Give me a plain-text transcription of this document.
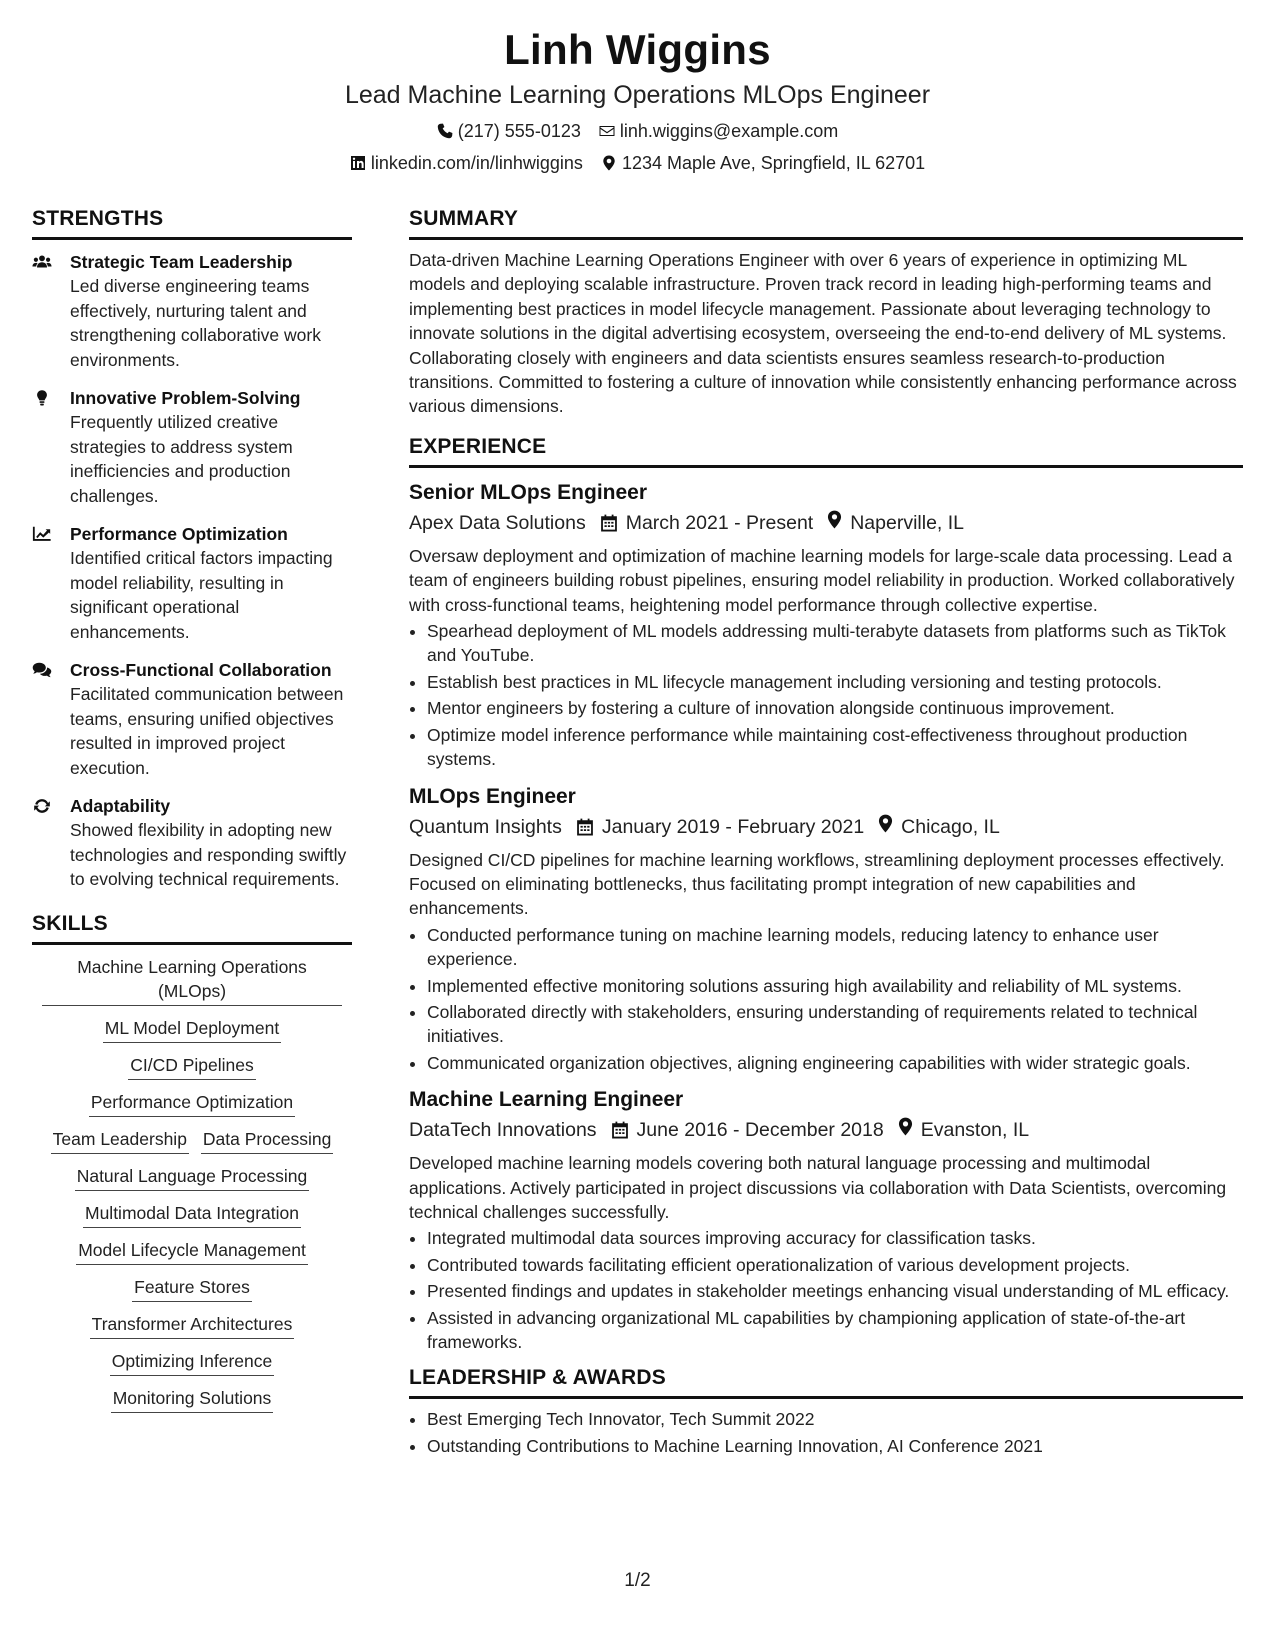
Linh Wiggins
Lead Machine Learning Operations MLOps Engineer
(217) 555-0123 linh.wiggins@example.com
linkedin.com/in/linhwiggins 1234 Maple Ave, Springfield, IL 62701
STRENGTHS
Strategic Team Leadership
Led diverse engineering teams effectively, nurturing talent and strengthening collaborative work environments.
Innovative Problem-Solving
Frequently utilized creative strategies to address system inefficiencies and production challenges.
Performance Optimization
Identified critical factors impacting model reliability, resulting in significant operational enhancements.
Cross-Functional Collaboration
Facilitated communication between teams, ensuring unified objectives resulted in improved project execution.
Adaptability
Showed flexibility in adopting new technologies and responding swiftly to evolving technical requirements.
SKILLS
Machine Learning Operations (MLOps)
ML Model Deployment
CI/CD Pipelines
Performance Optimization
Team Leadership Data Processing
Natural Language Processing
Multimodal Data Integration
Model Lifecycle Management
Feature Stores
Transformer Architectures
Optimizing Inference
Monitoring Solutions
SUMMARY

Data-driven Machine Learning Operations Engineer with over 6 years of experience in optimizing ML models and deploying scalable infrastructure. Proven track record in leading high-performing teams and implementing best practices in model lifecycle management. Passionate about leveraging technology to innovate solutions in the digital advertising ecosystem, overseeing the end-to-end delivery of ML systems. Collaborating closely with engineers and data scientists ensures seamless research-to-production transitions. Committed to fostering a culture of innovation while consistently enhancing performance across various dimensions.

EXPERIENCE
Senior MLOps Engineer
Apex Data Solutions March 2021 - Present Naperville, IL

Oversaw deployment and optimization of machine learning models for large-scale data processing. Lead a team of engineers building robust pipelines, ensuring model reliability in production. Worked collaboratively with cross-functional teams, heightening model performance through collective expertise.

• Spearhead deployment of ML models addressing multi-terabyte datasets from platforms such as TikTok and YouTube.
• Establish best practices in ML lifecycle management including versioning and testing protocols.
• Mentor engineers by fostering a culture of innovation alongside continuous improvement.
• Optimize model inference performance while maintaining cost-effectiveness throughout production systems.
MLOps Engineer
Quantum Insights January 2019 - February 2021 Chicago, IL

Designed CI/CD pipelines for machine learning workflows, streamlining deployment processes effectively. Focused on eliminating bottlenecks, thus facilitating prompt integration of new capabilities and enhancements.

• Conducted performance tuning on machine learning models, reducing latency to enhance user experience.
• Implemented effective monitoring solutions assuring high availability and reliability of ML systems.
• Collaborated directly with stakeholders, ensuring understanding of requirements related to technical initiatives.
• Communicated organization objectives, aligning engineering capabilities with wider strategic goals.
Machine Learning Engineer
DataTech Innovations June 2016 - December 2018 Evanston, IL

Developed machine learning models covering both natural language processing and multimodal applications. Actively participated in project discussions via collaboration with Data Scientists, overcoming technical challenges successfully.

• Integrated multimodal data sources improving accuracy for classification tasks.
• Contributed towards facilitating efficient operationalization of various development projects.
• Presented findings and updates in stakeholder meetings enhancing visual understanding of ML efficacy.
• Assisted in advancing organizational ML capabilities by championing application of state-of-the-art frameworks.
LEADERSHIP & AWARDS
• Best Emerging Tech Innovator, Tech Summit 2022
• Outstanding Contributions to Machine Learning Innovation, AI Conference 2021
1/2
